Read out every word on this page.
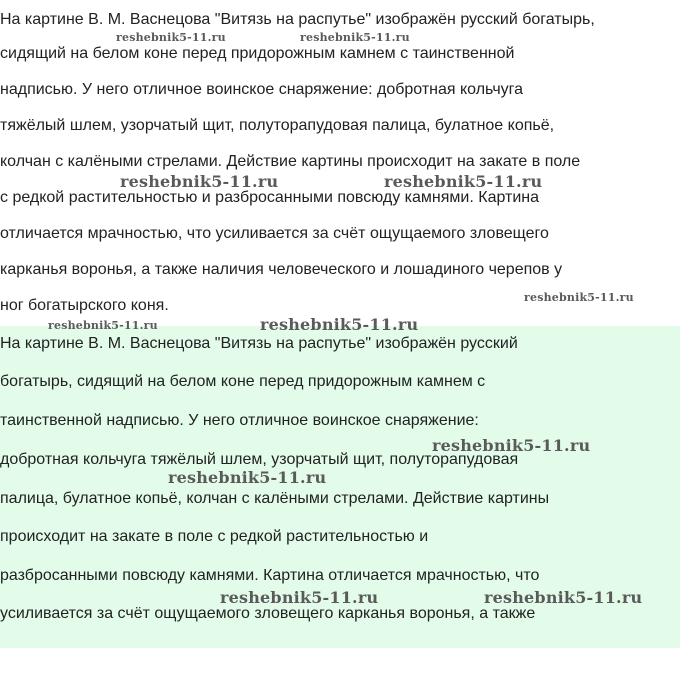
На картине В. М. Васнецова "Витязь на распутье" изображён русский богатырь,
сидящий на белом коне перед придорожным камнем с таинственной
надписью. У него отличное воинское снаряжение: добротная кольчуга
тяжёлый шлем, узорчатый щит, полуторапудовая палица, булатное копьё,
колчан с калёными стрелами. Действие картины происходит на закате в поле
с редкой растительностью и разбросанными повсюду камнями. Картина
отличается мрачностью, что усиливается за счёт ощущаемого зловещего
карканья воронья, а также наличия человеческого и лошадиного черепов у
ног богатырского коня.
На картине В. М. Васнецова "Витязь на распутье" изображён русский
богатырь, сидящий на белом коне перед придорожным камнем с
таинственной надписью. У него отличное воинское снаряжение:
добротная кольчуга тяжёлый шлем, узорчатый щит, полуторапудовая
палица, булатное копьё, колчан с калёными стрелами. Действие картины
происходит на закате в поле с редкой растительностью и
разбросанными повсюду камнями. Картина отличается мрачностью, что
усиливается за счёт ощущаемого зловещего карканья воронья, а также
reshebnik5-11.ru	reshebnik5-11.ru
reshebnik5-11.ru	reshebnik5-11.ru
reshebnik5-11.ru
reshebnik5-11.ru	reshebnik5-11.ru
reshebnik5-11.ru
reshebnik5-11.ru
reshebnik5-11.ru	reshebnik5-11.ru
